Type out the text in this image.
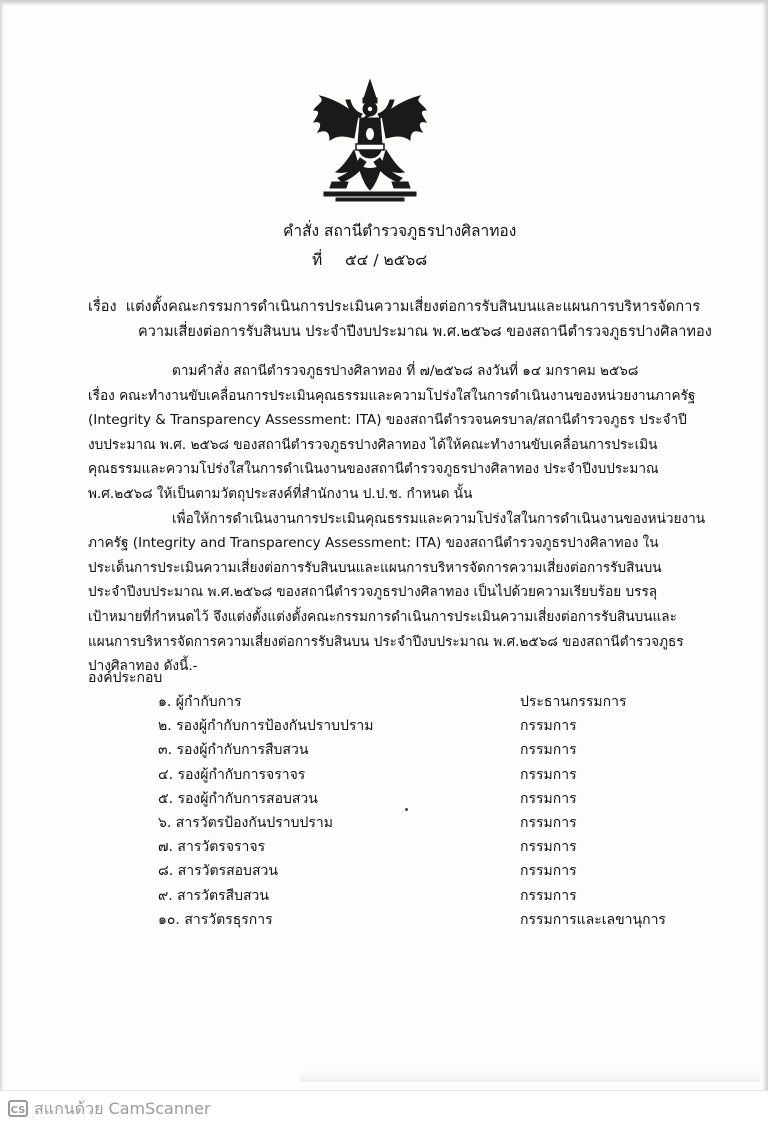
คำสั่ง สถานีตำรวจภูธรปางศิลาทอง
ที่ ๕๔ / ๒๕๖๘
เรื่อง แต่งตั้งคณะกรรมการดำเนินการประเมินความเสี่ยงต่อการรับสินบนและแผนการบริหารจัดการ
ความเสี่ยงต่อการรับสินบน ประจำปีงบประมาณ พ.ศ.๒๕๖๘ ของสถานีตำรวจภูธรปางศิลาทอง
ตามคำสั่ง สถานีตำรวจภูธรปางศิลาทอง ที่ ๗/๒๕๖๘ ลงวันที่ ๑๔ มกราคม ๒๕๖๘
เรื่อง คณะทำงานขับเคลื่อนการประเมินคุณธรรมและความโปร่งใสในการดำเนินงานของหน่วยงานภาครัฐ
(Integrity & Transparency Assessment: ITA) ของสถานีตำรวจนครบาล/สถานีตำรวจภูธร ประจำปี
งบประมาณ พ.ศ. ๒๕๖๘ ของสถานีตำรวจภูธรปางศิลาทอง ได้ให้คณะทำงานขับเคลื่อนการประเมิน
คุณธรรมและความโปร่งใสในการดำเนินงานของสถานีตำรวจภูธรปางศิลาทอง ประจำปีงบประมาณ
พ.ศ.๒๕๖๘ ให้เป็นตามวัตถุประสงค์ที่สำนักงาน ป.ป.ช. กำหนด นั้น
เพื่อให้การดำเนินงานการประเมินคุณธรรมและความโปร่งใสในการดำเนินงานของหน่วยงาน
ภาครัฐ (Integrity and Transparency Assessment: ITA) ของสถานีตำรวจภูธรปางศิลาทอง ใน
ประเด็นการประเมินความเสี่ยงต่อการรับสินบนและแผนการบริหารจัดการความเสี่ยงต่อการรับสินบน
ประจำปีงบประมาณ พ.ศ.๒๕๖๘ ของสถานีตำรวจภูธรปางศิลาทอง เป็นไปด้วยความเรียบร้อย บรรลุ
เป้าหมายที่กำหนดไว้ จึงแต่งตั้งแต่งตั้งคณะกรรมการดำเนินการประเมินความเสี่ยงต่อการรับสินบนและ
แผนการบริหารจัดการความเสี่ยงต่อการรับสินบน ประจำปีงบประมาณ พ.ศ.๒๕๖๘ ของสถานีตำรวจภูธร
ปางศิลาทอง ดังนี้.-
องค์ประกอบ
๑. ผู้กำกับการ	ประธานกรรมการ
๒. รองผู้กำกับการป้องกันปราบปราม	กรรมการ
๓. รองผู้กำกับการสืบสวน	กรรมการ
๔. รองผู้กำกับการจราจร	กรรมการ
๕. รองผู้กำกับการสอบสวน	กรรมการ
๖. สารวัตรป้องกันปราบปราม	กรรมการ
๗. สารวัตรจราจร	กรรมการ
๘. สารวัตรสอบสวน	กรรมการ
๙. สารวัตรสืบสวน	กรรมการ
๑๐. สารวัตรธุรการ	กรรมการและเลขานุการ
CS สแกนด้วย CamScanner
